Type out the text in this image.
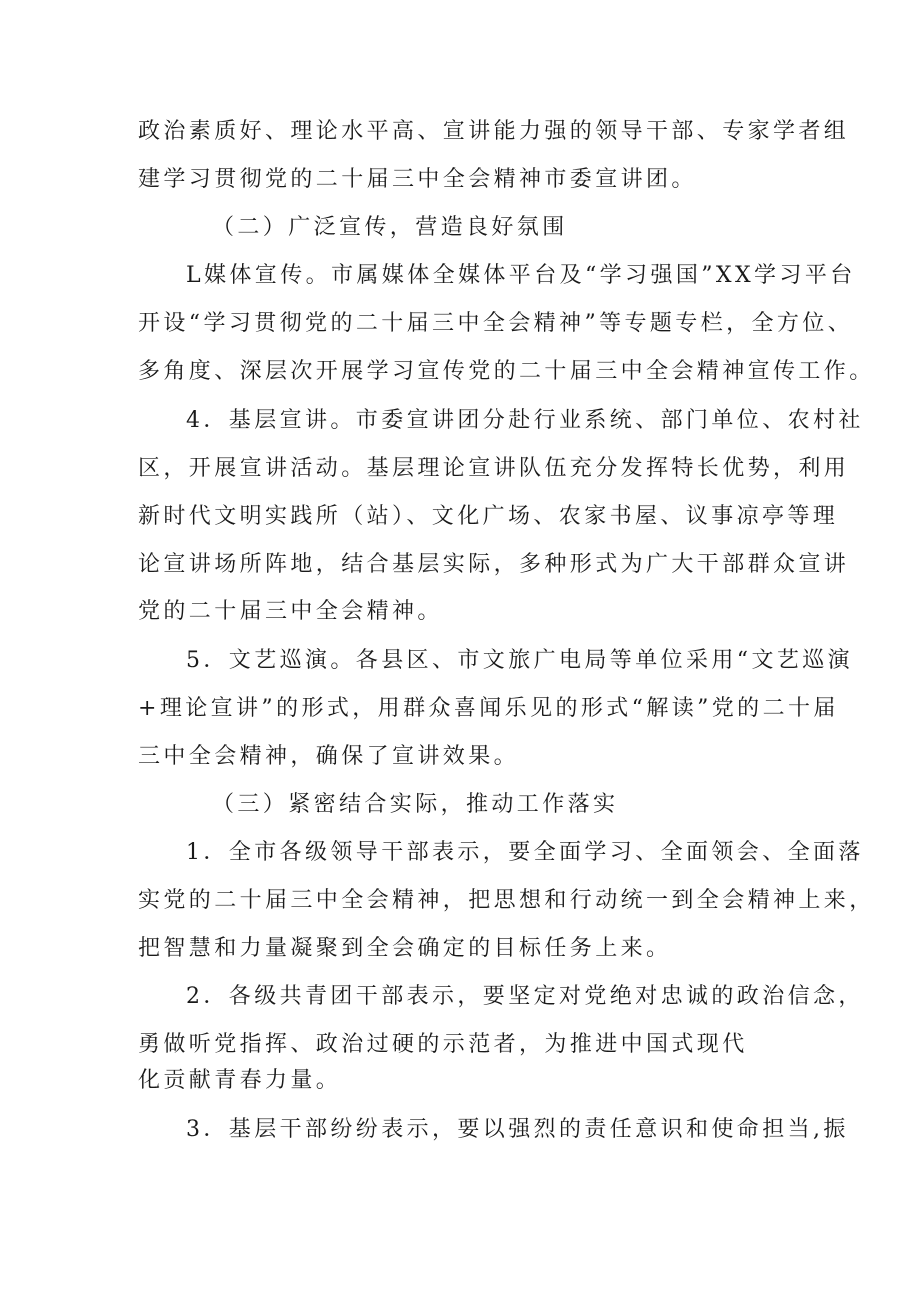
政治素质好、理论水平高、宣讲能力强的领导干部、专家学者组
建学习贯彻党的二十届三中全会精神市委宣讲团。
（二）广泛宣传，营造良好氛围
L媒体宣传。市属媒体全媒体平台及“学习强国”XX学习平台
开设“学习贯彻党的二十届三中全会精神”等专题专栏，全方位、
多角度、深层次开展学习宣传党的二十届三中全会精神宣传工作。
4．基层宣讲。市委宣讲团分赴行业系统、部门单位、农村社
区，开展宣讲活动。基层理论宣讲队伍充分发挥特长优势，利用
新时代文明实践所（站）、文化广场、农家书屋、议事凉亭等理
论宣讲场所阵地，结合基层实际，多种形式为广大干部群众宣讲
党的二十届三中全会精神。
5．文艺巡演。各县区、市文旅广电局等单位采用“文艺巡演
+理论宣讲”的形式，用群众喜闻乐见的形式“解读”党的二十届
三中全会精神，确保了宣讲效果。
（三）紧密结合实际，推动工作落实
1．全市各级领导干部表示，要全面学习、全面领会、全面落
实党的二十届三中全会精神，把思想和行动统一到全会精神上来，
把智慧和力量凝聚到全会确定的目标任务上来。
2．各级共青团干部表示，要坚定对党绝对忠诚的政治信念，
勇做听党指挥、政治过硬的示范者，为推进中国式现代
化贡献青春力量。
3．基层干部纷纷表示，要以强烈的责任意识和使命担当,振
